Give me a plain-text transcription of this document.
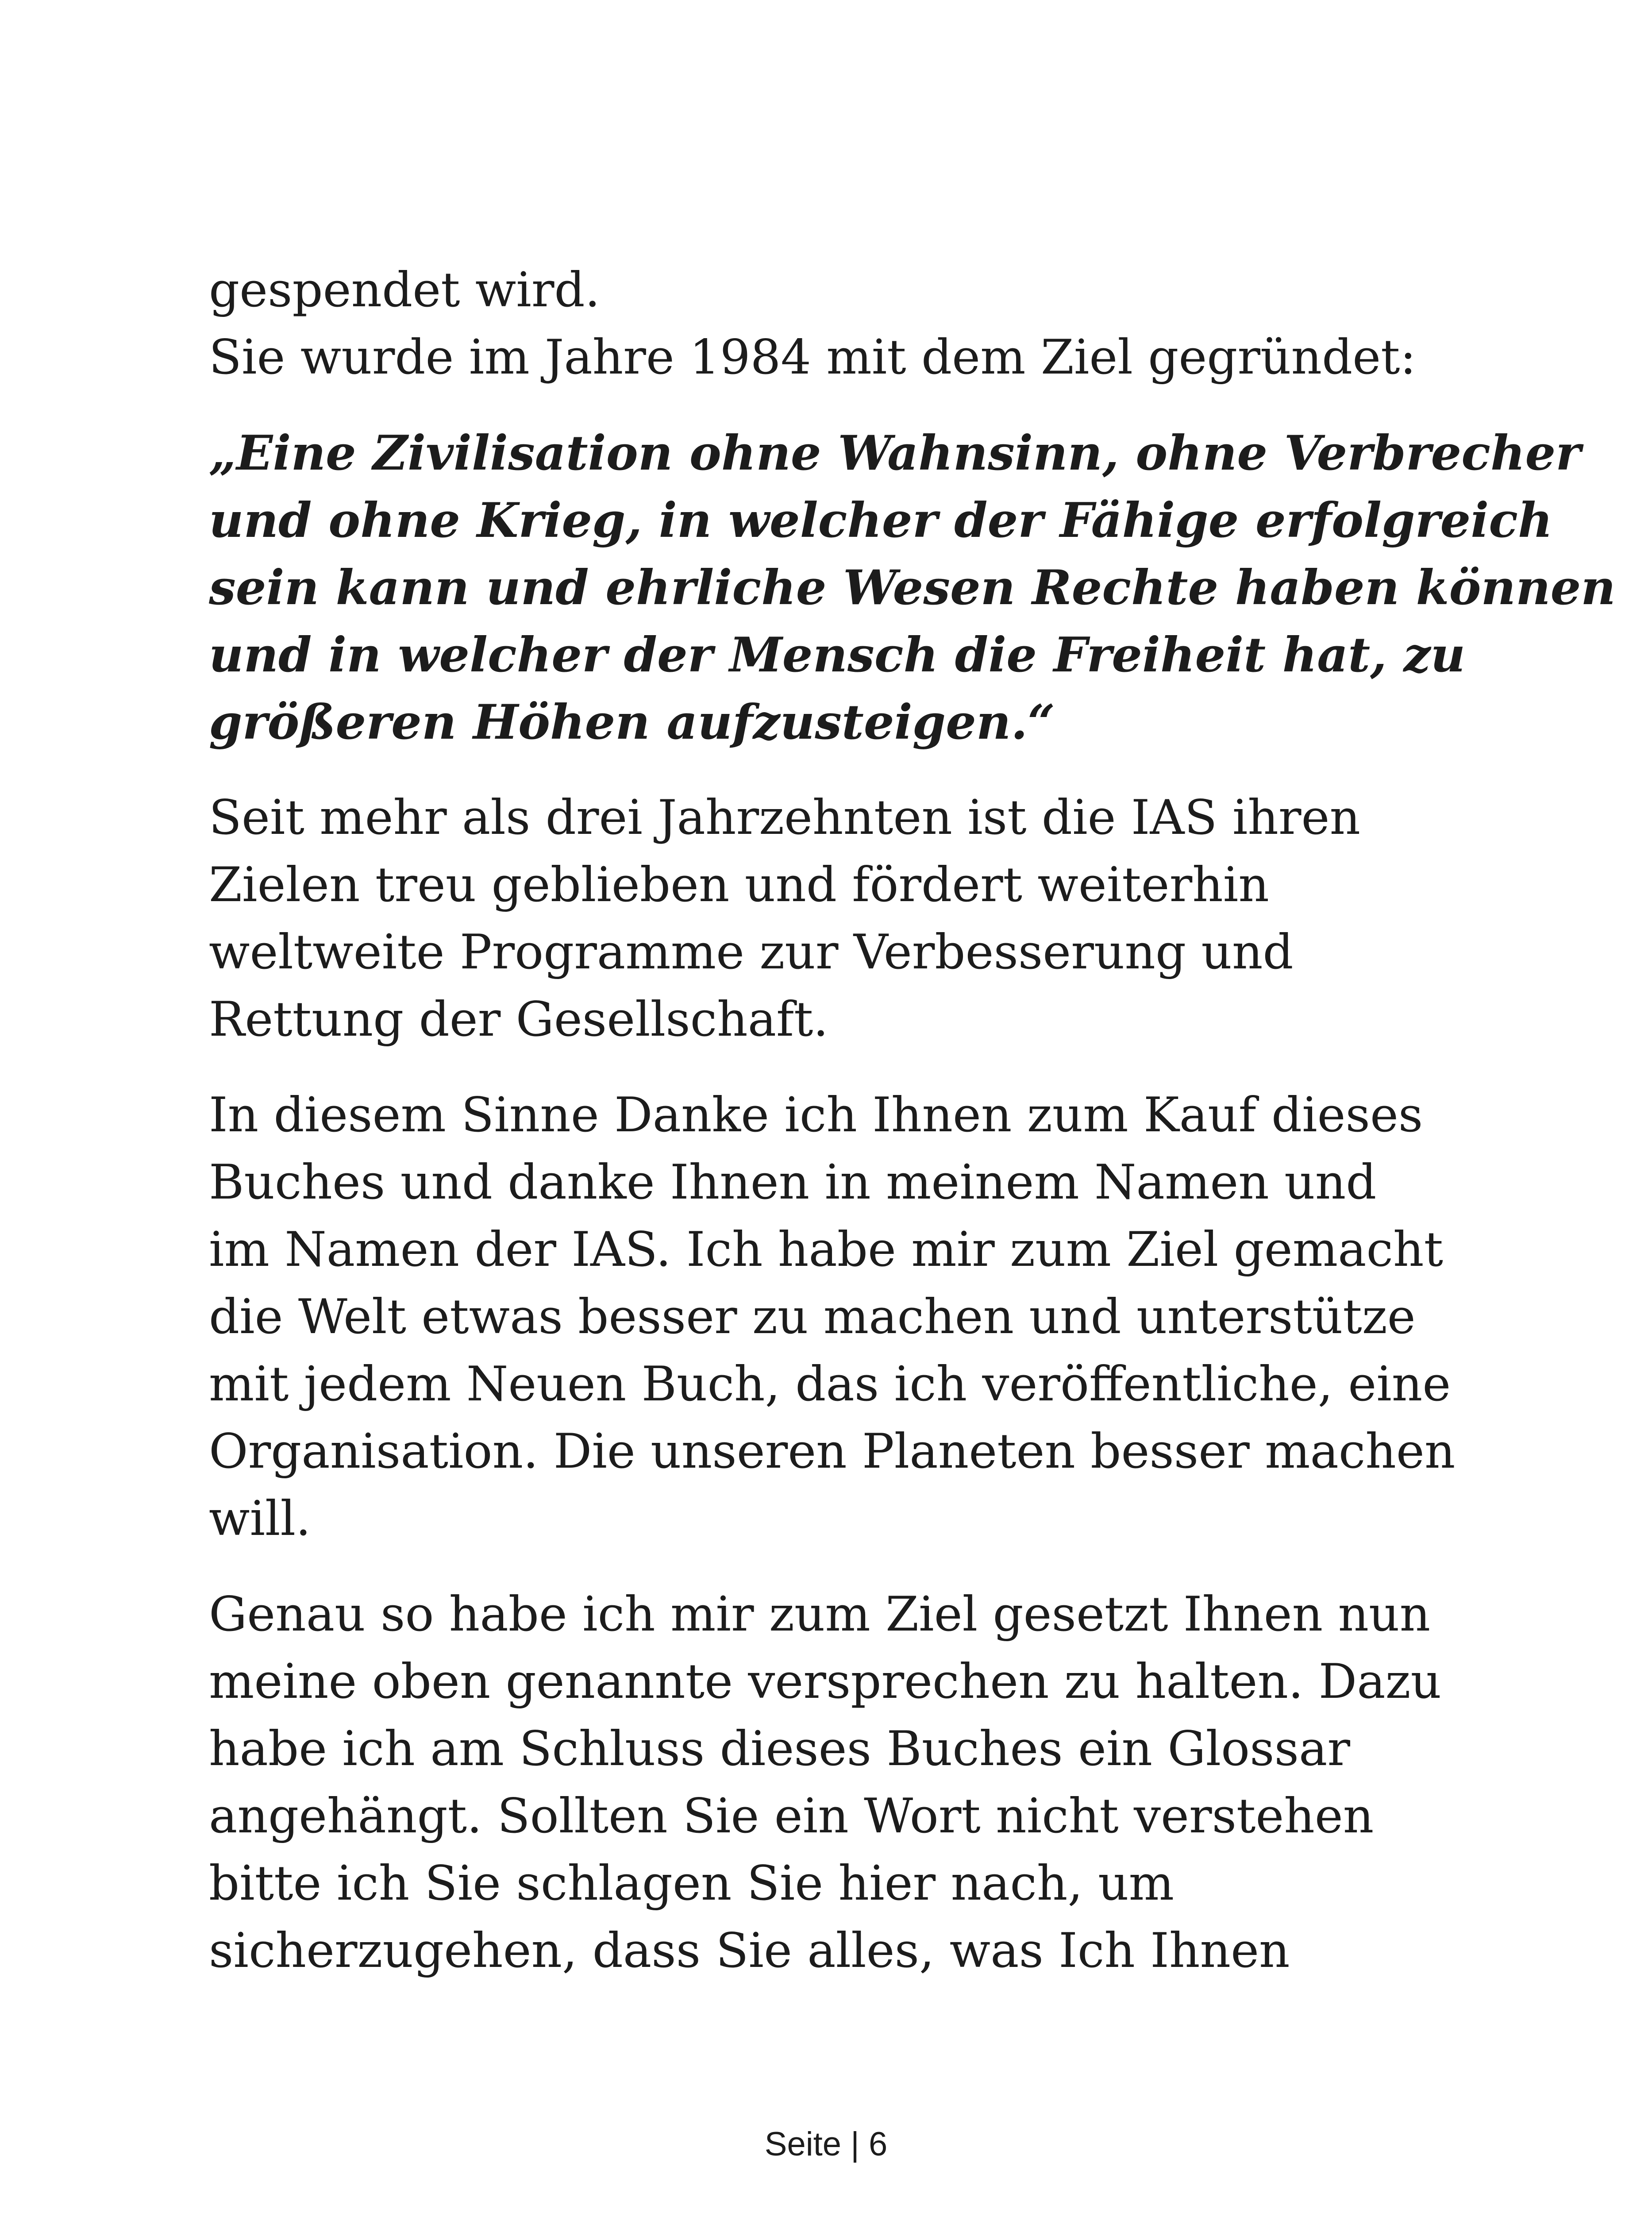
gespendet wird.
Sie wurde im Jahre 1984 mit dem Ziel gegründet:

„Eine Zivilisation ohne Wahnsinn, ohne Verbrecher
und ohne Krieg, in welcher der Fähige erfolgreich
sein kann und ehrliche Wesen Rechte haben können
und in welcher der Mensch die Freiheit hat, zu
größeren Höhen aufzusteigen.“

Seit mehr als drei Jahrzehnten ist die IAS ihren
Zielen treu geblieben und fördert weiterhin
weltweite Programme zur Verbesserung und
Rettung der Gesellschaft.

In diesem Sinne Danke ich Ihnen zum Kauf dieses
Buches und danke Ihnen in meinem Namen und
im Namen der IAS. Ich habe mir zum Ziel gemacht
die Welt etwas besser zu machen und unterstütze
mit jedem Neuen Buch, das ich veröffentliche, eine
Organisation. Die unseren Planeten besser machen
will.

Genau so habe ich mir zum Ziel gesetzt Ihnen nun
meine oben genannte versprechen zu halten. Dazu
habe ich am Schluss dieses Buches ein Glossar
angehängt. Sollten Sie ein Wort nicht verstehen
bitte ich Sie schlagen Sie hier nach, um
sicherzugehen, dass Sie alles, was Ich Ihnen

Seite | 6
